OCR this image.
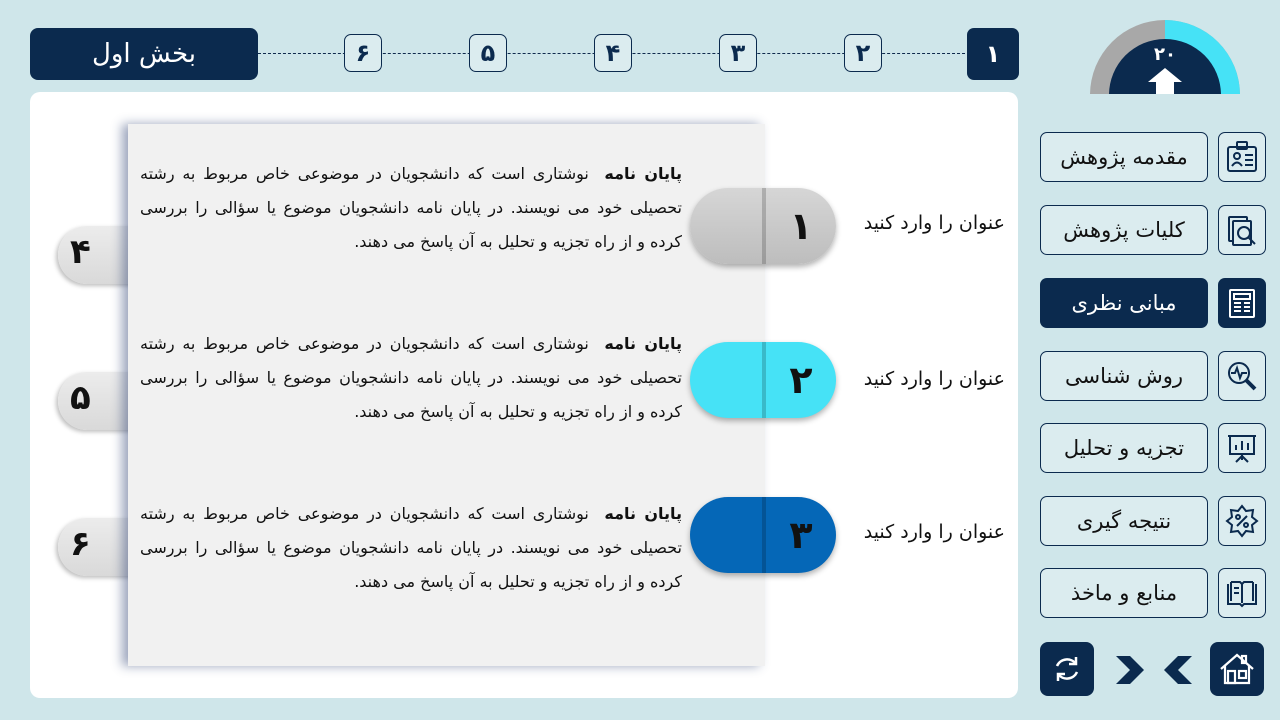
بخش اول	۶	۵	۴	۳	۲	۱	۲۰
۴
۵
۶
پایان نامه  نوشتاری است که دانشجویان در موضوعی خاص مربوط به رشته تحصیلی خود می نویسند. در پایان نامه دانشجویان موضوع یا سؤالی را بررسی کرده و از راه تجزیه و تحلیل به آن پاسخ می دهند.	۱	عنوان را وارد کنید
پایان نامه  نوشتاری است که دانشجویان در موضوعی خاص مربوط به رشته تحصیلی خود می نویسند. در پایان نامه دانشجویان موضوع یا سؤالی را بررسی کرده و از راه تجزیه و تحلیل به آن پاسخ می دهند.
۲	عنوان را وارد کنید
پایان نامه  نوشتاری است که دانشجویان در موضوعی خاص مربوط به رشته تحصیلی خود می نویسند. در پایان نامه دانشجویان موضوع یا سؤالی را بررسی کرده و از راه تجزیه و تحلیل به آن پاسخ می دهند.
۳	عنوان را وارد کنید
مقدمه پژوهش
کلیات پژوهش
مبانی نظری
روش شناسی
تجزیه و تحلیل
نتیجه گیری
منابع و ماخذ
